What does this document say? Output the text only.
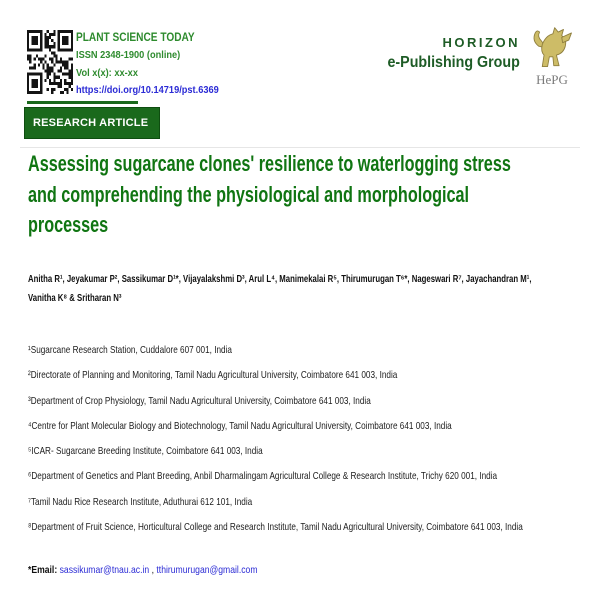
PLANT SCIENCE TODAY
ISSN 2348-1900 (online)
Vol x(x): xx-xx
https://doi.org/10.14719/pst.6369
HORIZON
e-Publishing Group
HePG
RESEARCH ARTICLE
Assessing sugarcane clones' resilience to waterlogging stress
and comprehending the physiological and morphological
processes
Anitha R¹, Jeyakumar P², Sassikumar D¹*, Vijayalakshmi D³, Arul L⁴, Manimekalai R⁵, Thirumurugan T⁶*, Nageswari R⁷, Jayachandran M¹,
Vanitha K⁸ & Sritharan N³
¹Sugarcane Research Station, Cuddalore 607 001, India
²Directorate of Planning and Monitoring, Tamil Nadu Agricultural University, Coimbatore 641 003, India
³Department of Crop Physiology, Tamil Nadu Agricultural University, Coimbatore 641 003, India
⁴Centre for Plant Molecular Biology and Biotechnology, Tamil Nadu Agricultural University, Coimbatore 641 003, India
⁵ICAR- Sugarcane Breeding Institute, Coimbatore 641 003, India
⁶Department of Genetics and Plant Breeding, Anbil Dharmalingam Agricultural College & Research Institute, Trichy 620 001, India
⁷Tamil Nadu Rice Research Institute, Aduthurai 612 101, India
⁸Department of Fruit Science, Horticultural College and Research Institute, Tamil Nadu Agricultural University, Coimbatore 641 003, India
*Email: sassikumar@tnau.ac.in , tthirumurugan@gmail.com
